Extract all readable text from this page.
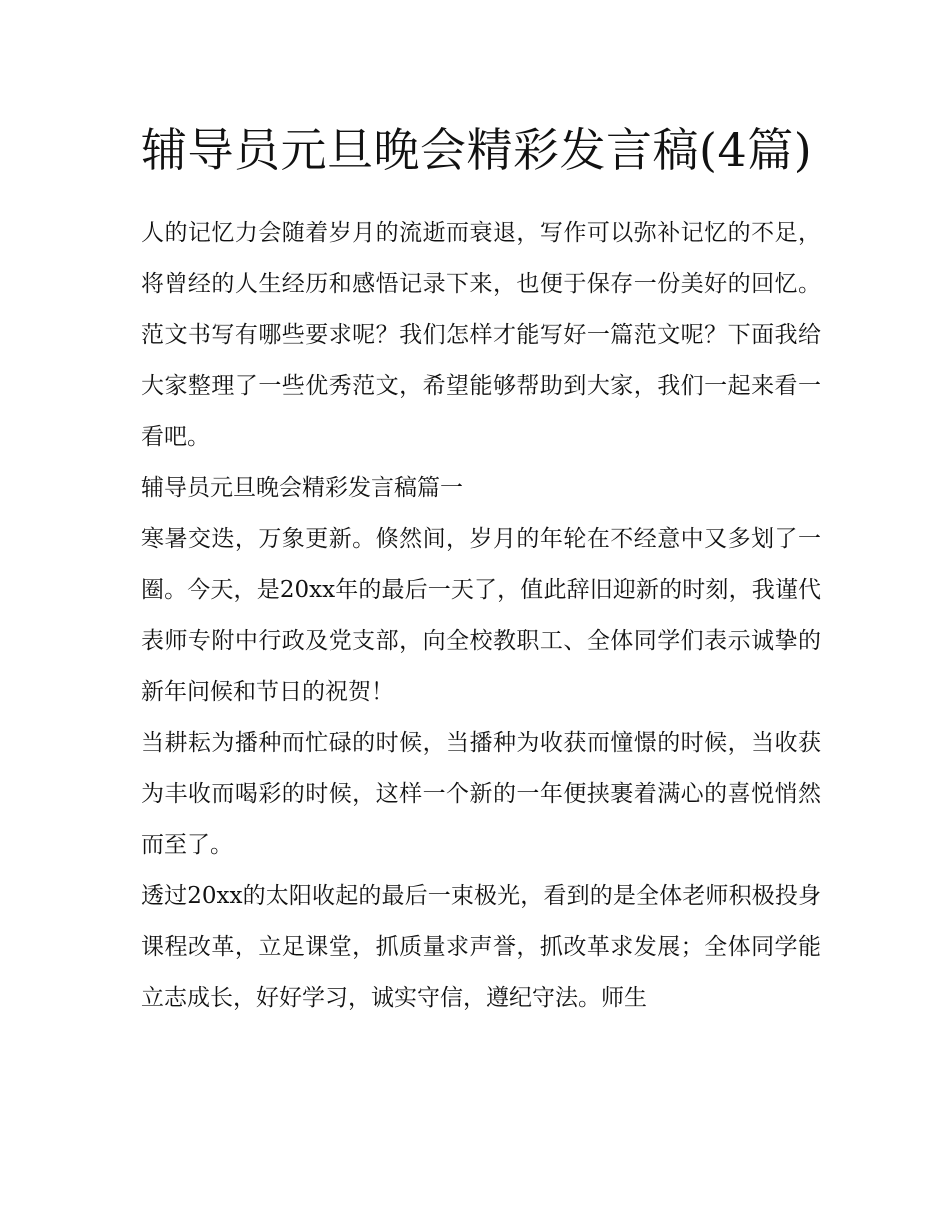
辅导员元旦晚会精彩发言稿(4篇)

人的记忆力会随着岁月的流逝而衰退，写作可以弥补记忆的不足，将曾经的人生经历和感悟记录下来，也便于保存一份美好的回忆。范文书写有哪些要求呢？我们怎样才能写好一篇范文呢？下面我给大家整理了一些优秀范文，希望能够帮助到大家，我们一起来看一看吧。

辅导员元旦晚会精彩发言稿篇一

寒暑交迭，万象更新。倏然间，岁月的年轮在不经意中又多划了一圈。今天，是20xx年的最后一天了，值此辞旧迎新的时刻，我谨代表师专附中行政及党支部，向全校教职工、全体同学们表示诚挚的新年问候和节日的祝贺！

当耕耘为播种而忙碌的时候，当播种为收获而憧憬的时候，当收获为丰收而喝彩的时候，这样一个新的一年便挟裹着满心的喜悦悄然而至了。

透过20xx的太阳收起的最后一束极光，看到的是全体老师积极投身课程改革，立足课堂，抓质量求声誉，抓改革求发展；全体同学能立志成长，好好学习，诚实守信，遵纪守法。师生
